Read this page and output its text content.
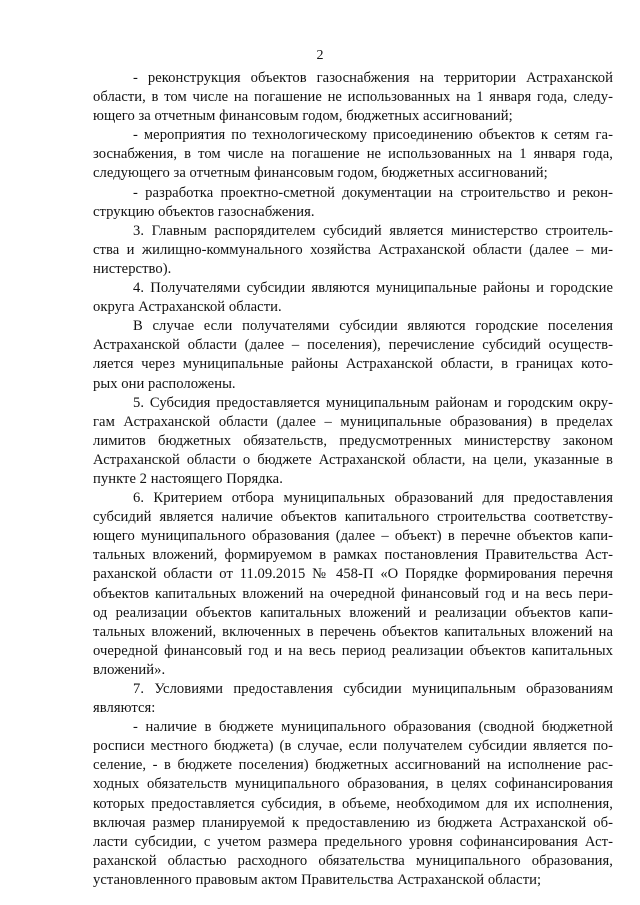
2
- реконструкция объектов газоснабжения на территории Астраханской
области, в том числе на погашение не использованных на 1 января года, следу-
ющего за отчетным финансовым годом, бюджетных ассигнований;
- мероприятия по технологическому присоединению объектов к сетям га-
зоснабжения, в том числе на погашение не использованных на 1 января года,
следующего за отчетным финансовым годом, бюджетных ассигнований;
- разработка проектно-сметной документации на строительство и рекон-
струкцию объектов газоснабжения.
3. Главным распорядителем субсидий является министерство строитель-
ства и жилищно-коммунального хозяйства Астраханской области (далее – ми-
нистерство).
4. Получателями субсидии являются муниципальные районы и городские
округа Астраханской области.
В случае если получателями субсидии являются городские поселения
Астраханской области (далее – поселения), перечисление субсидий осуществ-
ляется через муниципальные районы Астраханской области, в границах кото-
рых они расположены.
5. Субсидия предоставляется муниципальным районам и городским окру-
гам Астраханской области (далее – муниципальные образования) в пределах
лимитов бюджетных обязательств, предусмотренных министерству законом
Астраханской области о бюджете Астраханской области, на цели, указанные в
пункте 2 настоящего Порядка.
6. Критерием отбора муниципальных образований для предоставления
субсидий является наличие объектов капитального строительства соответству-
ющего муниципального образования (далее – объект) в перечне объектов капи-
тальных вложений, формируемом в рамках постановления Правительства Аст-
раханской области от 11.09.2015 № 458-П «О Порядке формирования перечня
объектов капитальных вложений на очередной финансовый год и на весь пери-
од реализации объектов капитальных вложений и реализации объектов капи-
тальных вложений, включенных в перечень объектов капитальных вложений на
очередной финансовый год и на весь период реализации объектов капитальных
вложений».
7. Условиями предоставления субсидии муниципальным образованиям
являются:
- наличие в бюджете муниципального образования (сводной бюджетной
росписи местного бюджета) (в случае, если получателем субсидии является по-
селение, - в бюджете поселения) бюджетных ассигнований на исполнение рас-
ходных обязательств муниципального образования, в целях софинансирования
которых предоставляется субсидия, в объеме, необходимом для их исполнения,
включая размер планируемой к предоставлению из бюджета Астраханской об-
ласти субсидии, с учетом размера предельного уровня софинансирования Аст-
раханской областью расходного обязательства муниципального образования,
установленного правовым актом Правительства Астраханской области;
